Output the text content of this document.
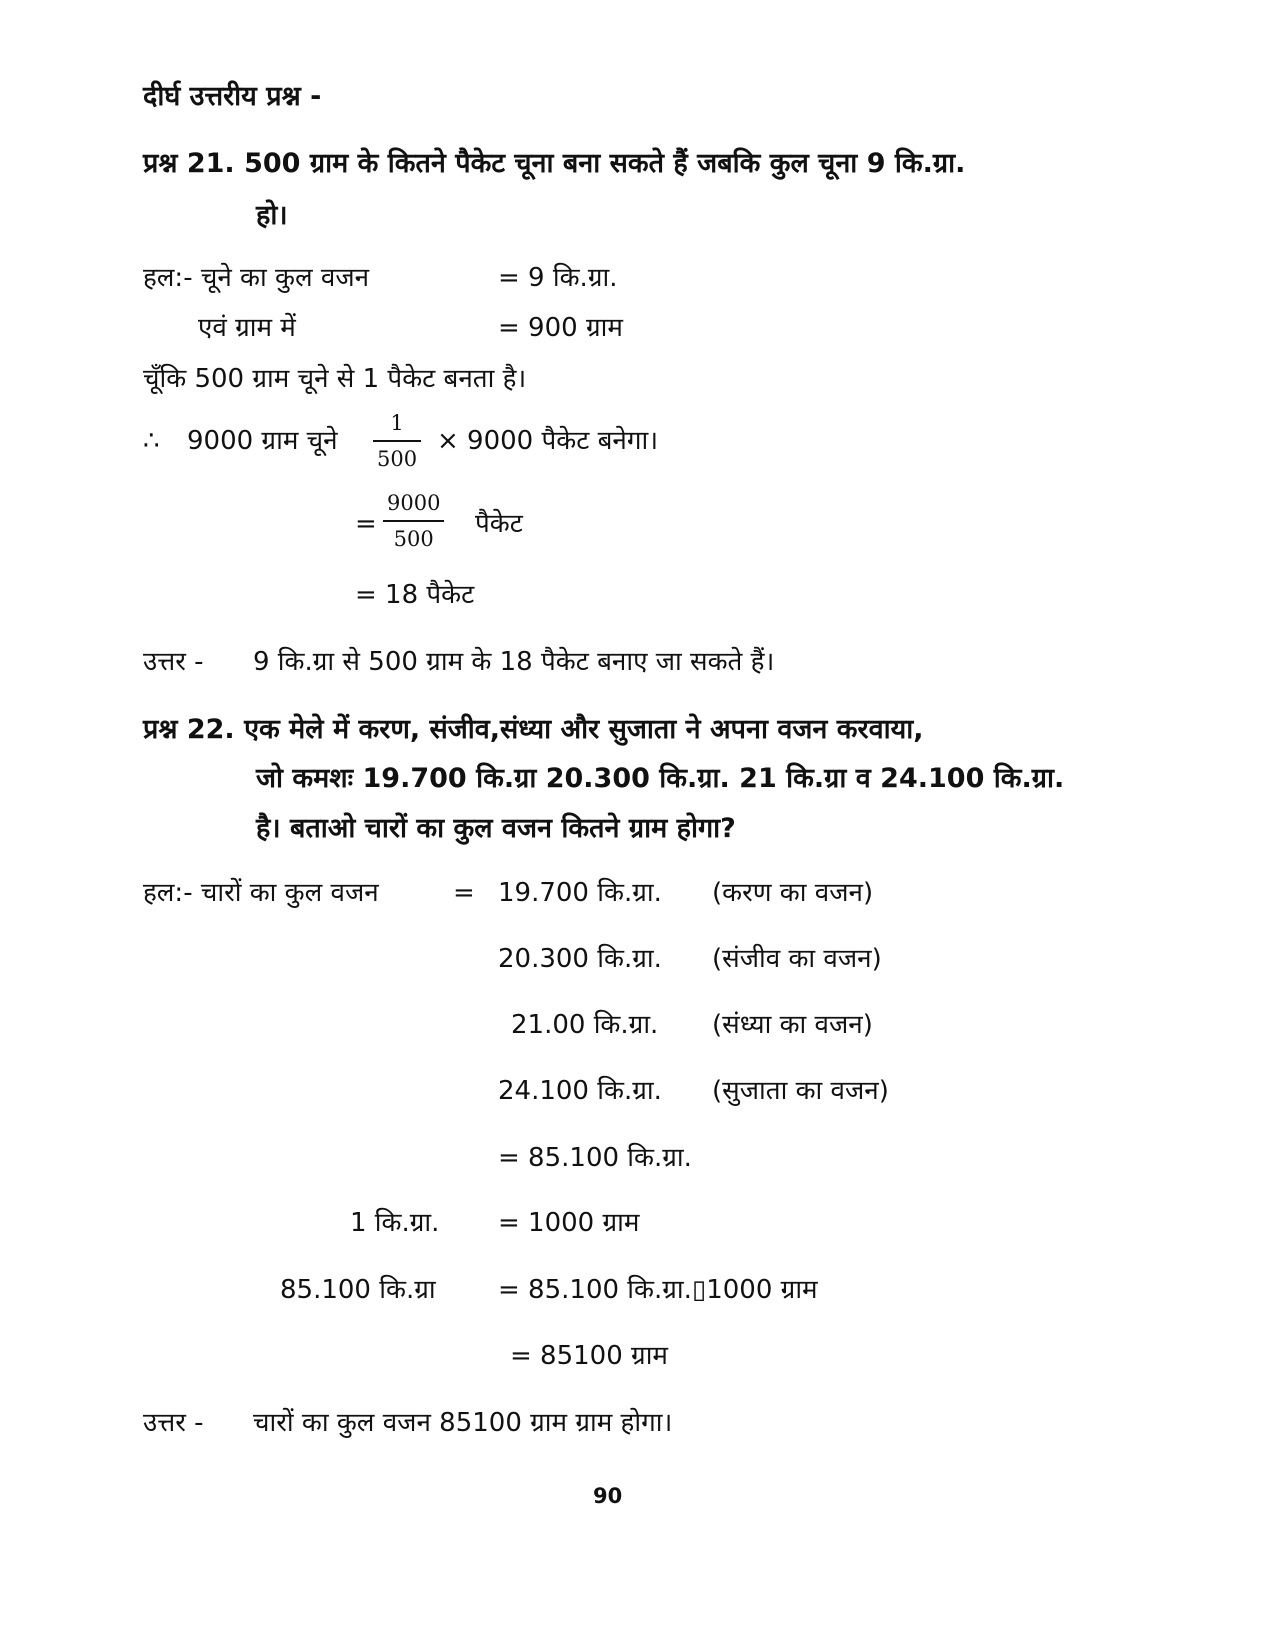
दीर्घ उत्तरीय प्रश्न -
प्रश्न 21. 500 ग्राम के कितने पैकेट चूना बना सकते हैं जबकि कुल चूना 9 कि.ग्रा.
हो।
हल:- चूने का कुल वजन	= 9 कि.ग्रा.
एवं ग्राम में	= 900 ग्राम
चूँकि 500 ग्राम चूने से 1 पैकेट बनता है।
∴ 9000 ग्राम चूने
1
500
× 9000 पैकेट बनेगा।
=
9000
500 पैकेट
= 18 पैकेट
उत्तर - 9 कि.ग्रा से 500 ग्राम के 18 पैकेट बनाए जा सकते हैं।
प्रश्न 22. एक मेले में करण, संजीव,संध्या और सुजाता ने अपना वजन करवाया,
जो कमशः 19.700 कि.ग्रा 20.300 कि.ग्रा. 21 कि.ग्रा व 24.100 कि.ग्रा.
है। बताओ चारों का कुल वजन कितने ग्राम होगा?
हल:- चारों का कुल वजन	= 19.700 कि.ग्रा. (करण का वजन)
20.300 कि.ग्रा. (संजीव का वजन)
21.00 कि.ग्रा. (संध्या का वजन)
24.100 कि.ग्रा. (सुजाता का वजन)
= 85.100 कि.ग्रा.
1 कि.ग्रा. = 1000 ग्राम
85.100 कि.ग्रा = 85.100 कि.ग्रा.▯1000 ग्राम
= 85100 ग्राम
उत्तर - चारों का कुल वजन 85100 ग्राम ग्राम होगा।
90
